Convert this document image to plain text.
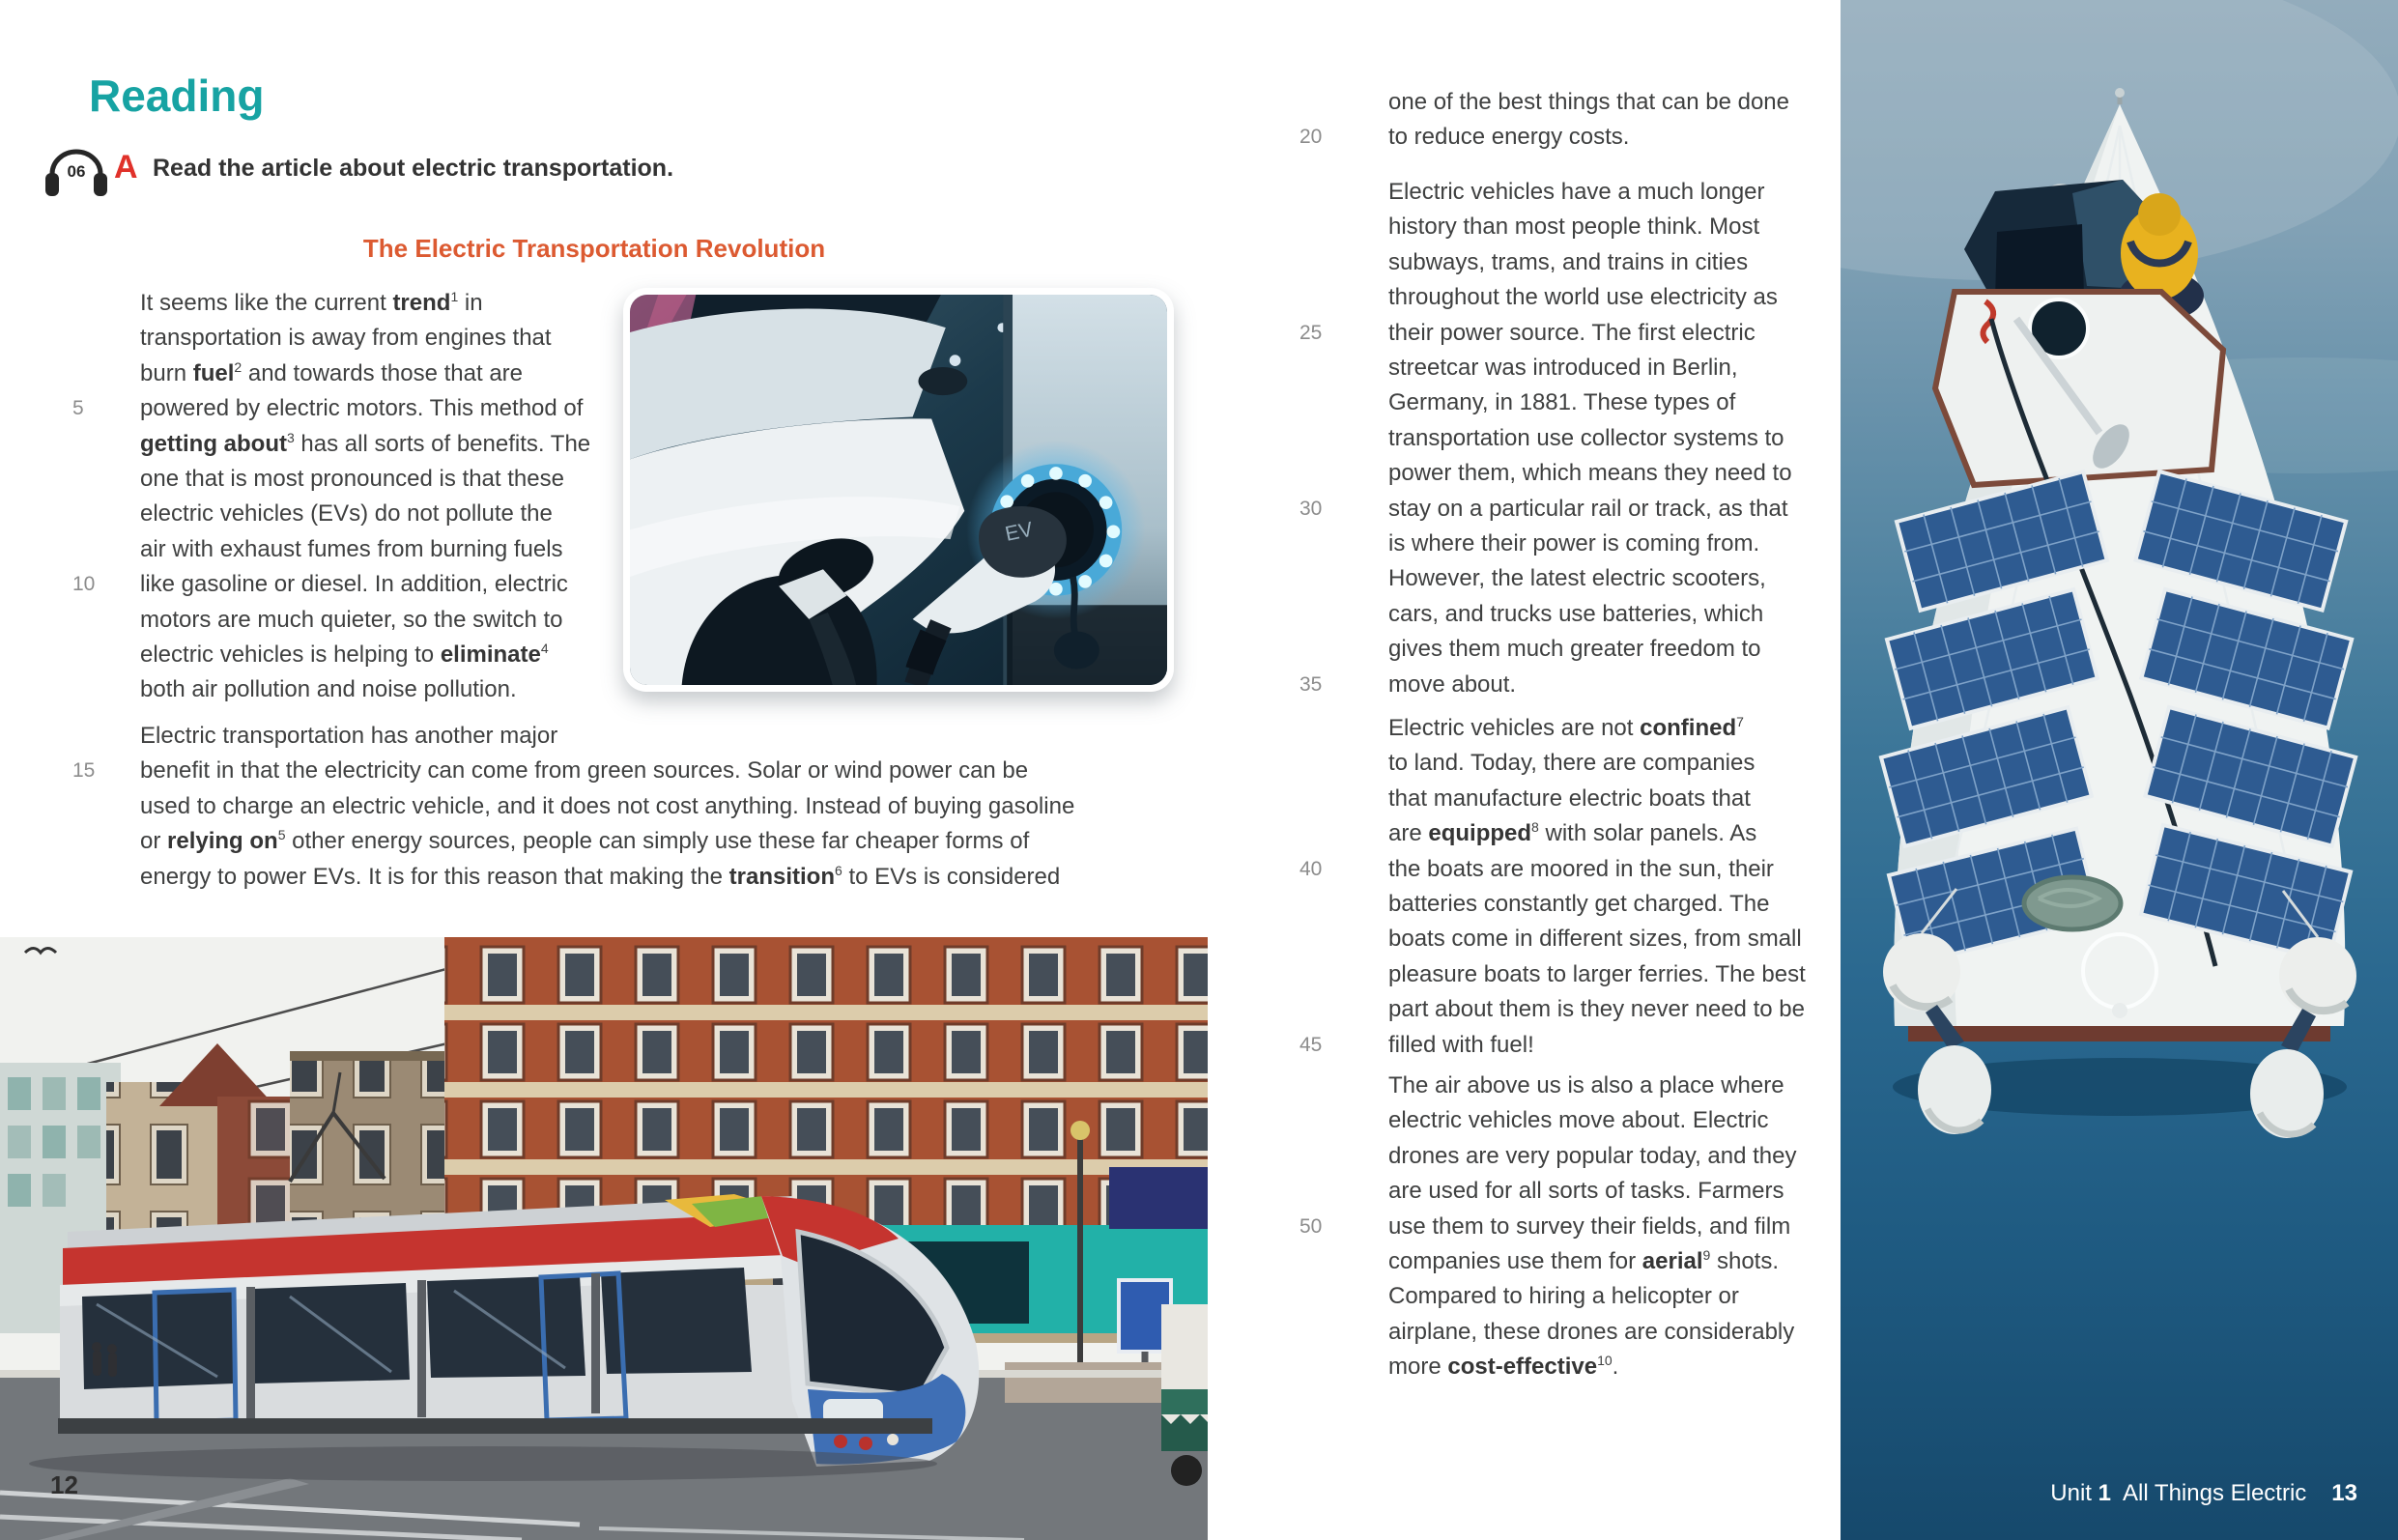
Reading
06 A Read the article about electric transportation.
The Electric Transportation Revolution
EV
It seems like the current trend$^1$ in
transportation is away from engines that
burn fuel$^2$ and towards those that are
5	powered by electric motors. This method of
getting about$^3$ has all sorts of benefits. The
one that is most pronounced is that these
electric vehicles (EVs) do not pollute the
air with exhaust fumes from burning fuels
10	like gasoline or diesel. In addition, electric
motors are much quieter, so the switch to
electric vehicles is helping to eliminate$^4$
both air pollution and noise pollution.
Electric transportation has another major
15	benefit in that the electricity can come from green sources. Solar or wind power can be
used to charge an electric vehicle, and it does not cost anything. Instead of buying gasoline
or relying $on^5$ other energy sources, people can simply use these far cheaper forms of
energy to power EVs. It is for this reason that making the transition$^6$ to EVs is considered
12
one of the best things that can be done
20	to reduce energy costs.
Electric vehicles have a much longer
history than most people think. Most
subways, trams, and trains in cities
throughout the world use electricity as
25	their power source. The first electric
streetcar was introduced in Berlin,
Germany, in 1881. These types of
transportation use collector systems to
power them, which means they need to
30	stay on a particular rail or track, as that
is where their power is coming from.
However, the latest electric scooters,
cars, and trucks use batteries, which
gives them much greater freedom to
35	move about.
Electric vehicles are not confined$^7$
to land. Today, there are companies
that manufacture electric boats that
are equipped$^8$ with solar panels. As
40	the boats are moored in the sun, their
batteries constantly get charged. The
boats come in different sizes, from small
pleasure boats to larger ferries. The best
part about them is they never need to be
45	filled with fuel!
The air above us is also a place where
electric vehicles move about. Electric
drones are very popular today, and they
are used for all sorts of tasks. Farmers
50	use them to survey their fields, and film
companies use them for aerial$^9$ shots.
Compared to hiring a helicopter or
airplane, these drones are considerably
more cost-effective$^{10}$.
Unit 1  All Things Electric 13
